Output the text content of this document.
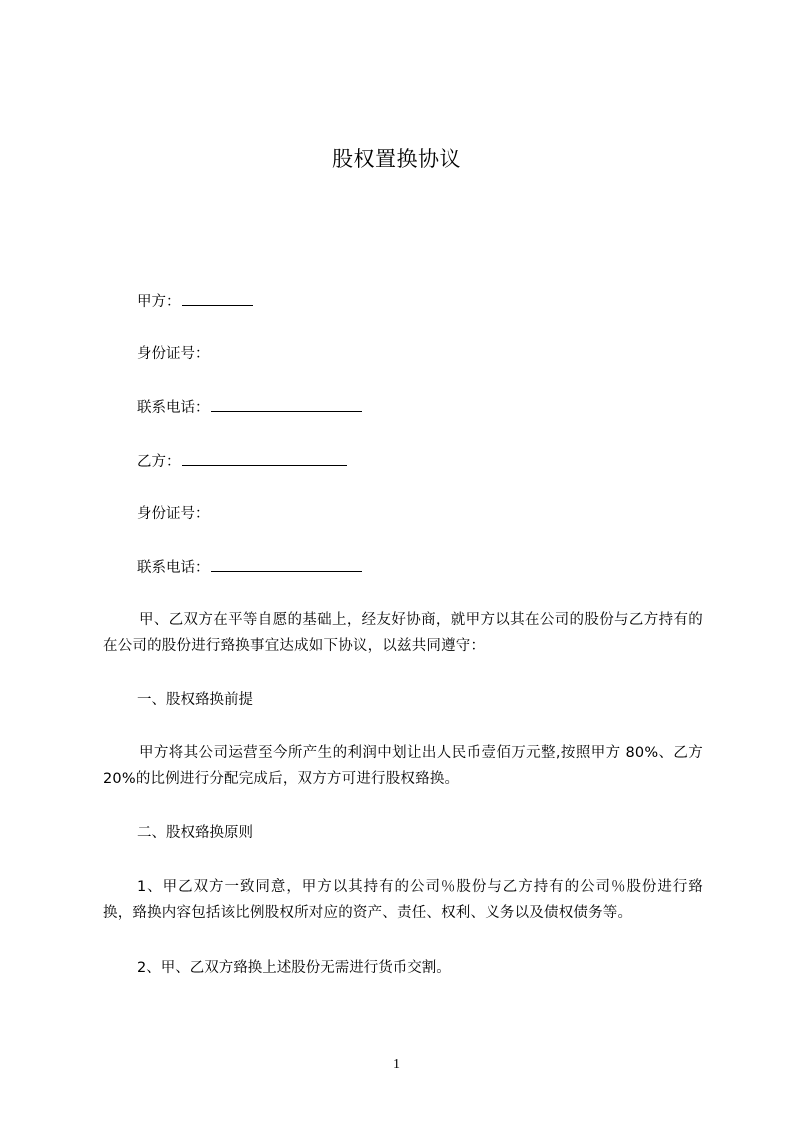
股权置换协议
甲方：
身份证号：
联系电话：
乙方：
身份证号：
联系电话：
甲、乙双方在平等自愿的基础上，经友好协商，就甲方以其在公司的股份与乙方持有的在公司的股份进行臵换事宜达成如下协议，以兹共同遵守：
一、股权臵换前提
甲方将其公司运营至今所产生的利润中划让出人民币壹佰万元整,按照甲方 80%、乙方 20%的比例进行分配完成后，双方方可进行股权臵换。
二、股权臵换原则
1、甲乙双方一致同意，甲方以其持有的公司％股份与乙方持有的公司％股份进行臵换，臵换内容包括该比例股权所对应的资产、责任、权利、义务以及债权债务等。
2、甲、乙双方臵换上述股份无需进行货币交割。
1
